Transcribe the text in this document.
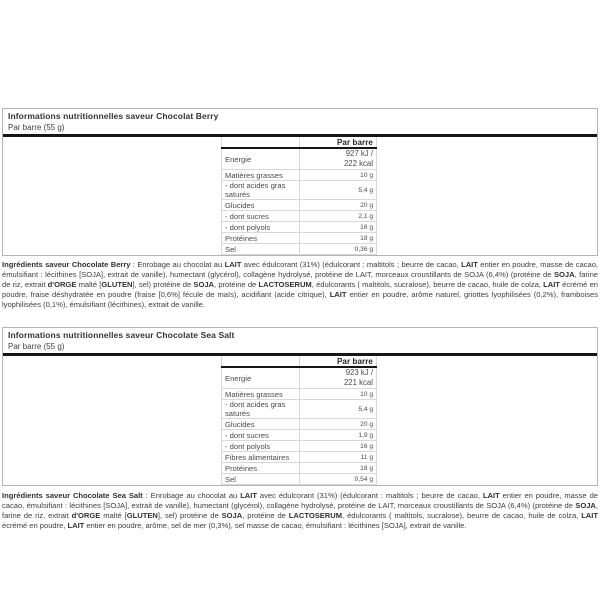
Informations nutritionnelles saveur Chocolat Berry
Par barre (55 g)
	Par barre
Energie	927 kJ /
222 kcal
Matières grasses	10 g
- dont acides gras saturés	5,4 g
Glucides	20 g
- dont sucres	2,1 g
- dont polyols	16 g
Protéines	18 g
Sel	0,36 g

Ingrédients saveur Chocolate Berry : Enrobage au chocolat au LAIT avec édulcorant (31%) (édulcorant : maltitols ; beurre de cacao, LAIT entier en poudre, masse de cacao, émulsifiant : lécithines [SOJA], extrait de vanille), humectant (glycérol), collagène hydrolysé, protéine de LAIT, morceaux croustillants de SOJA (6,4%) (protéine de SOJA, farine de riz, extrait d'ORGE malté [GLUTEN], sel) protéine de SOJA, protéine de LACTOSERUM, édulcorants ( maltitols, sucralose), beurre de cacao, huile de colza, LAIT écrémé en poudre, fraise déshydratée en poudre (fraise [0,6%] fécule de maïs), acidifiant (acide citrique), LAIT entier en poudre, arôme naturel, griottes lyophilisées (0,2%), framboises lyophilisées (0,1%), émulsifiant (lécithines), extrait de vanille.

Informations nutritionnelles saveur Chocolate Sea Salt
Par barre (55 g)
	Par barre
Energie	923 kJ /
221 kcal
Matières grasses	10 g
- dont acides gras saturés	5,4 g
Glucides	20 g
- dont sucres	1,9 g
- dont polyols	16 g
Fibres alimentaires	11 g
Protéines	18 g
Sel	0,54 g

Ingrédients saveur Chocolate Sea Salt : Enrobage au chocolat au LAIT avec édulcorant (31%) (édulcorant : maltitols ; beurre de cacao, LAIT entier en poudre, masse de cacao, émulsifiant : lécithines [SOJA], extrait de vanille), humectant (glycérol), collagène hydrolysé, protéine de LAIT, morceaux croustillants de SOJA (6,4%) (protéine de SOJA, farine de riz, extrait d'ORGE malté [GLUTEN], sel) protéine de SOJA, protéine de LACTOSERUM, édulcorants ( maltitols, sucralose), beurre de cacao, huile de colza, LAIT écrémé en poudre, LAIT entier en poudre, arôme, sel de mer (0,3%), sel masse de cacao, émulsifiant : lécithines [SOJA], extrait de vanille.
